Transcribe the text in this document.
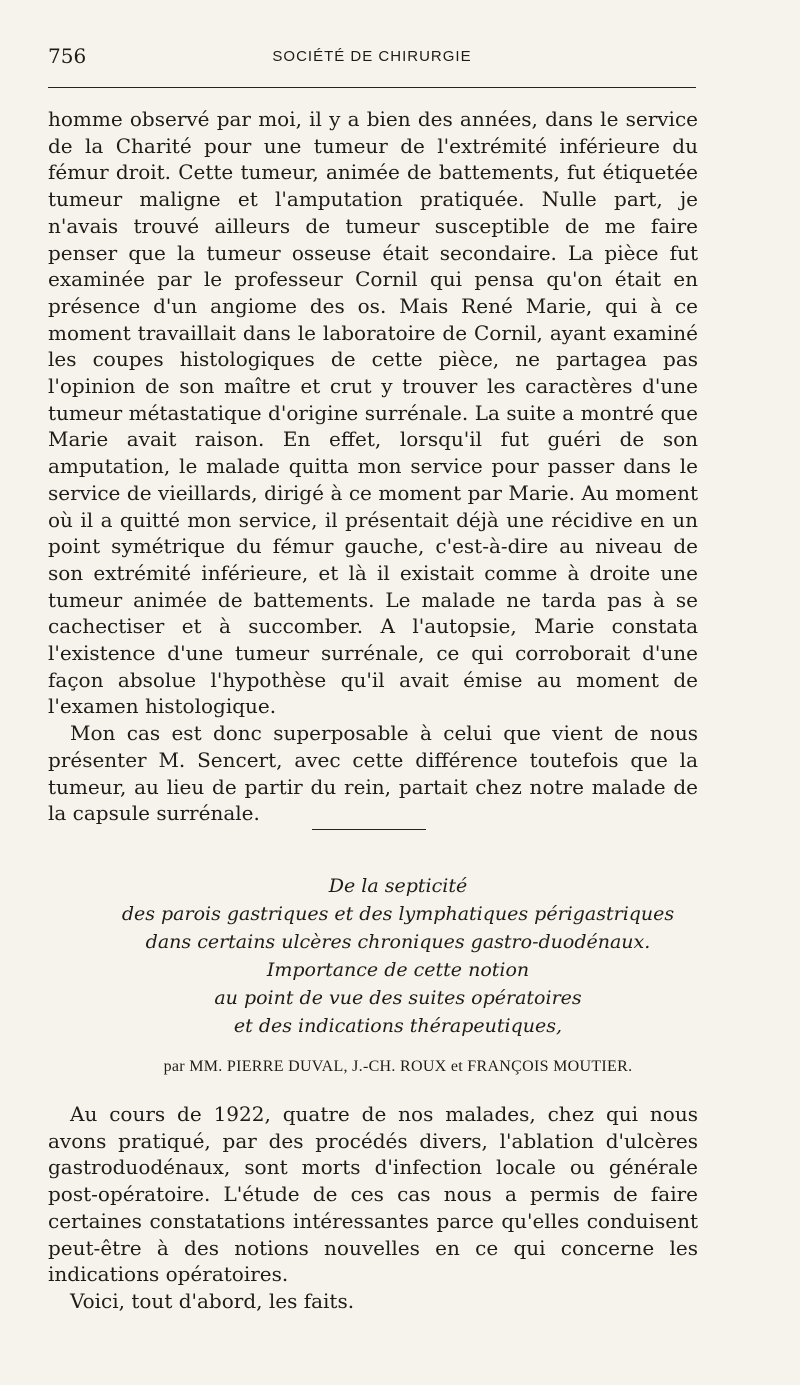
756	SOCIÉTÉ DE CHIRURGIE

homme observé par moi, il y a bien des années, dans le service de la Charité pour une tumeur de l'extrémité inférieure du fémur droit. Cette tumeur, animée de battements, fut étiquetée tumeur maligne et l'amputation pratiquée. Nulle part, je n'avais trouvé ailleurs de tumeur susceptible de me faire penser que la tumeur osseuse était secondaire. La pièce fut examinée par le professeur Cornil qui pensa qu'on était en présence d'un angiome des os. Mais René Marie, qui à ce moment travaillait dans le laboratoire de Cornil, ayant examiné les coupes histologiques de cette pièce, ne partagea pas l'opinion de son maître et crut y trouver les caractères d'une tumeur métastatique d'origine surrénale. La suite a montré que Marie avait raison. En effet, lorsqu'il fut guéri de son amputation, le malade quitta mon service pour passer dans le service de vieillards, dirigé à ce moment par Marie. Au moment où il a quitté mon service, il présentait déjà une récidive en un point symétrique du fémur gauche, c'est-à-dire au niveau de son extrémité inférieure, et là il existait comme à droite une tumeur animée de battements. Le malade ne tarda pas à se cachectiser et à succomber. A l'autopsie, Marie constata l'existence d'une tumeur surrénale, ce qui corroborait d'une façon absolue l'hypothèse qu'il avait émise au moment de l'examen histologique.

Mon cas est donc superposable à celui que vient de nous présenter M. Sencert, avec cette différence toutefois que la tumeur, au lieu de partir du rein, partait chez notre malade de la capsule surrénale.

De la septicité
des parois gastriques et des lymphatiques périgastriques
dans certains ulcères chroniques gastro-duodénaux.
Importance de cette notion
au point de vue des suites opératoires
et des indications thérapeutiques,
par MM. PIERRE DUVAL, J.-CH. ROUX et FRANÇOIS MOUTIER.

Au cours de 1922, quatre de nos malades, chez qui nous avons pratiqué, par des procédés divers, l'ablation d'ulcères gastroduodénaux, sont morts d'infection locale ou générale post-opératoire. L'étude de ces cas nous a permis de faire certaines constatations intéressantes parce qu'elles conduisent peut-être à des notions nouvelles en ce qui concerne les indications opératoires.

Voici, tout d'abord, les faits.
